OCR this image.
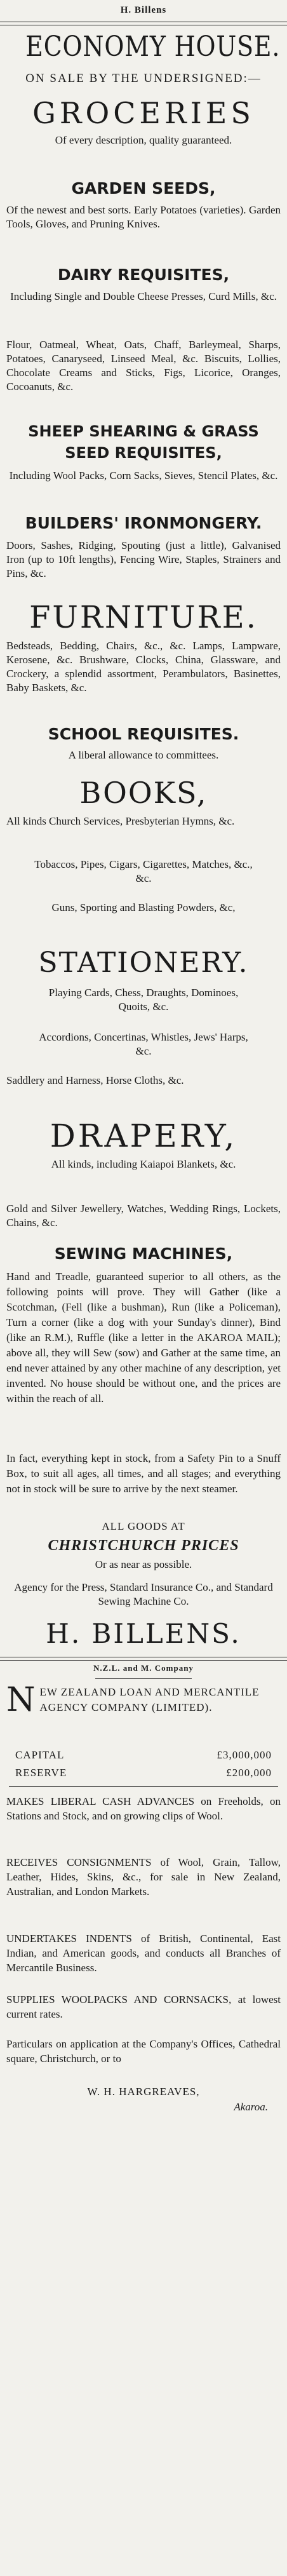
H. Billens
ECONOMY HOUSE.
ON SALE BY THE UNDERSIGNED:—
GROCERIES
Of every description, quality guaranteed.
GARDEN SEEDS,
Of the newest and best sorts. Early Potatoes (varieties). Garden Tools, Gloves, and Pruning Knives.
DAIRY REQUISITES,
Including Single and Double Cheese Presses, Curd Mills, &c.
Flour, Oatmeal, Wheat, Oats, Chaff, Barleymeal, Sharps, Potatoes, Canaryseed, Linseed Meal, &c. Biscuits, Lollies, Chocolate Creams and Sticks, Figs, Licorice, Oranges, Cocoanuts, &c.
SHEEP SHEARING & GRASS SEED REQUISITES,
Including Wool Packs, Corn Sacks, Sieves, Stencil Plates, &c.
BUILDERS' IRONMONGERY.
Doors, Sashes, Ridging, Spouting (just a little), Galvanised Iron (up to 10ft lengths), Fencing Wire, Staples, Strainers and Pins, &c.
FURNITURE.
Bedsteads, Bedding, Chairs, &c., &c. Lamps, Lampware, Kerosene, &c. Brushware, Clocks, China, Glassware, and Crockery, a splendid assortment, Perambulators, Basinettes, Baby Baskets, &c.
SCHOOL REQUISITES.
A liberal allowance to committees.
BOOKS,
All kinds Church Services, Presbyterian Hymns, &c.
Tobaccos, Pipes, Cigars, Cigarettes, Matches, &c., &c.
Guns, Sporting and Blasting Powders, &c,
STATIONERY.
Playing Cards, Chess, Draughts, Dominoes, Quoits, &c.
Accordions, Concertinas, Whistles, Jews' Harps, &c.
Saddlery and Harness, Horse Cloths, &c.
DRAPERY,
All kinds, including Kaiapoi Blankets, &c.
Gold and Silver Jewellery, Watches, Wedding Rings, Lockets, Chains, &c.
SEWING MACHINES,
Hand and Treadle, guaranteed superior to all others, as the following points will prove. They will Gather (like a Scotchman, (Fell (like a bushman), Run (like a Policeman), Turn a corner (like a dog with your Sunday's dinner), Bind (like an R.M.), Ruffle (like a letter in the AKAROA MAIL); above all, they will Sew (sow) and Gather at the same time, an end never attained by any other machine of any description, yet invented. No house should be without one, and the prices are within the reach of all.
In fact, everything kept in stock, from a Safety Pin to a Snuff Box, to suit all ages, all times, and all stages; and everything not in stock will be sure to arrive by the next steamer.
ALL GOODS AT
CHRISTCHURCH PRICES
Or as near as possible.
Agency for the Press, Standard Insurance Co., and Standard Sewing Machine Co.
H. BILLENS.
N.Z.L. and M. Company
NEW ZEALAND LOAN AND MERCANTILE AGENCY COMPANY (LIMITED).
CAPITAL	£3,000,000
RESERVE	£200,000
MAKES LIBERAL CASH ADVANCES on Freeholds, on Stations and Stock, and on growing clips of Wool.
RECEIVES CONSIGNMENTS of Wool, Grain, Tallow, Leather, Hides, Skins, &c., for sale in New Zealand, Australian, and London Markets.
UNDERTAKES INDENTS of British, Continental, East Indian, and American goods, and conducts all Branches of Mercantile Business.
SUPPLIES WOOLPACKS AND CORNSACKS, at lowest current rates.
Particulars on application at the Company's Offices, Cathedral square, Christchurch, or to
W. H. HARGREAVES,
Akaroa.
